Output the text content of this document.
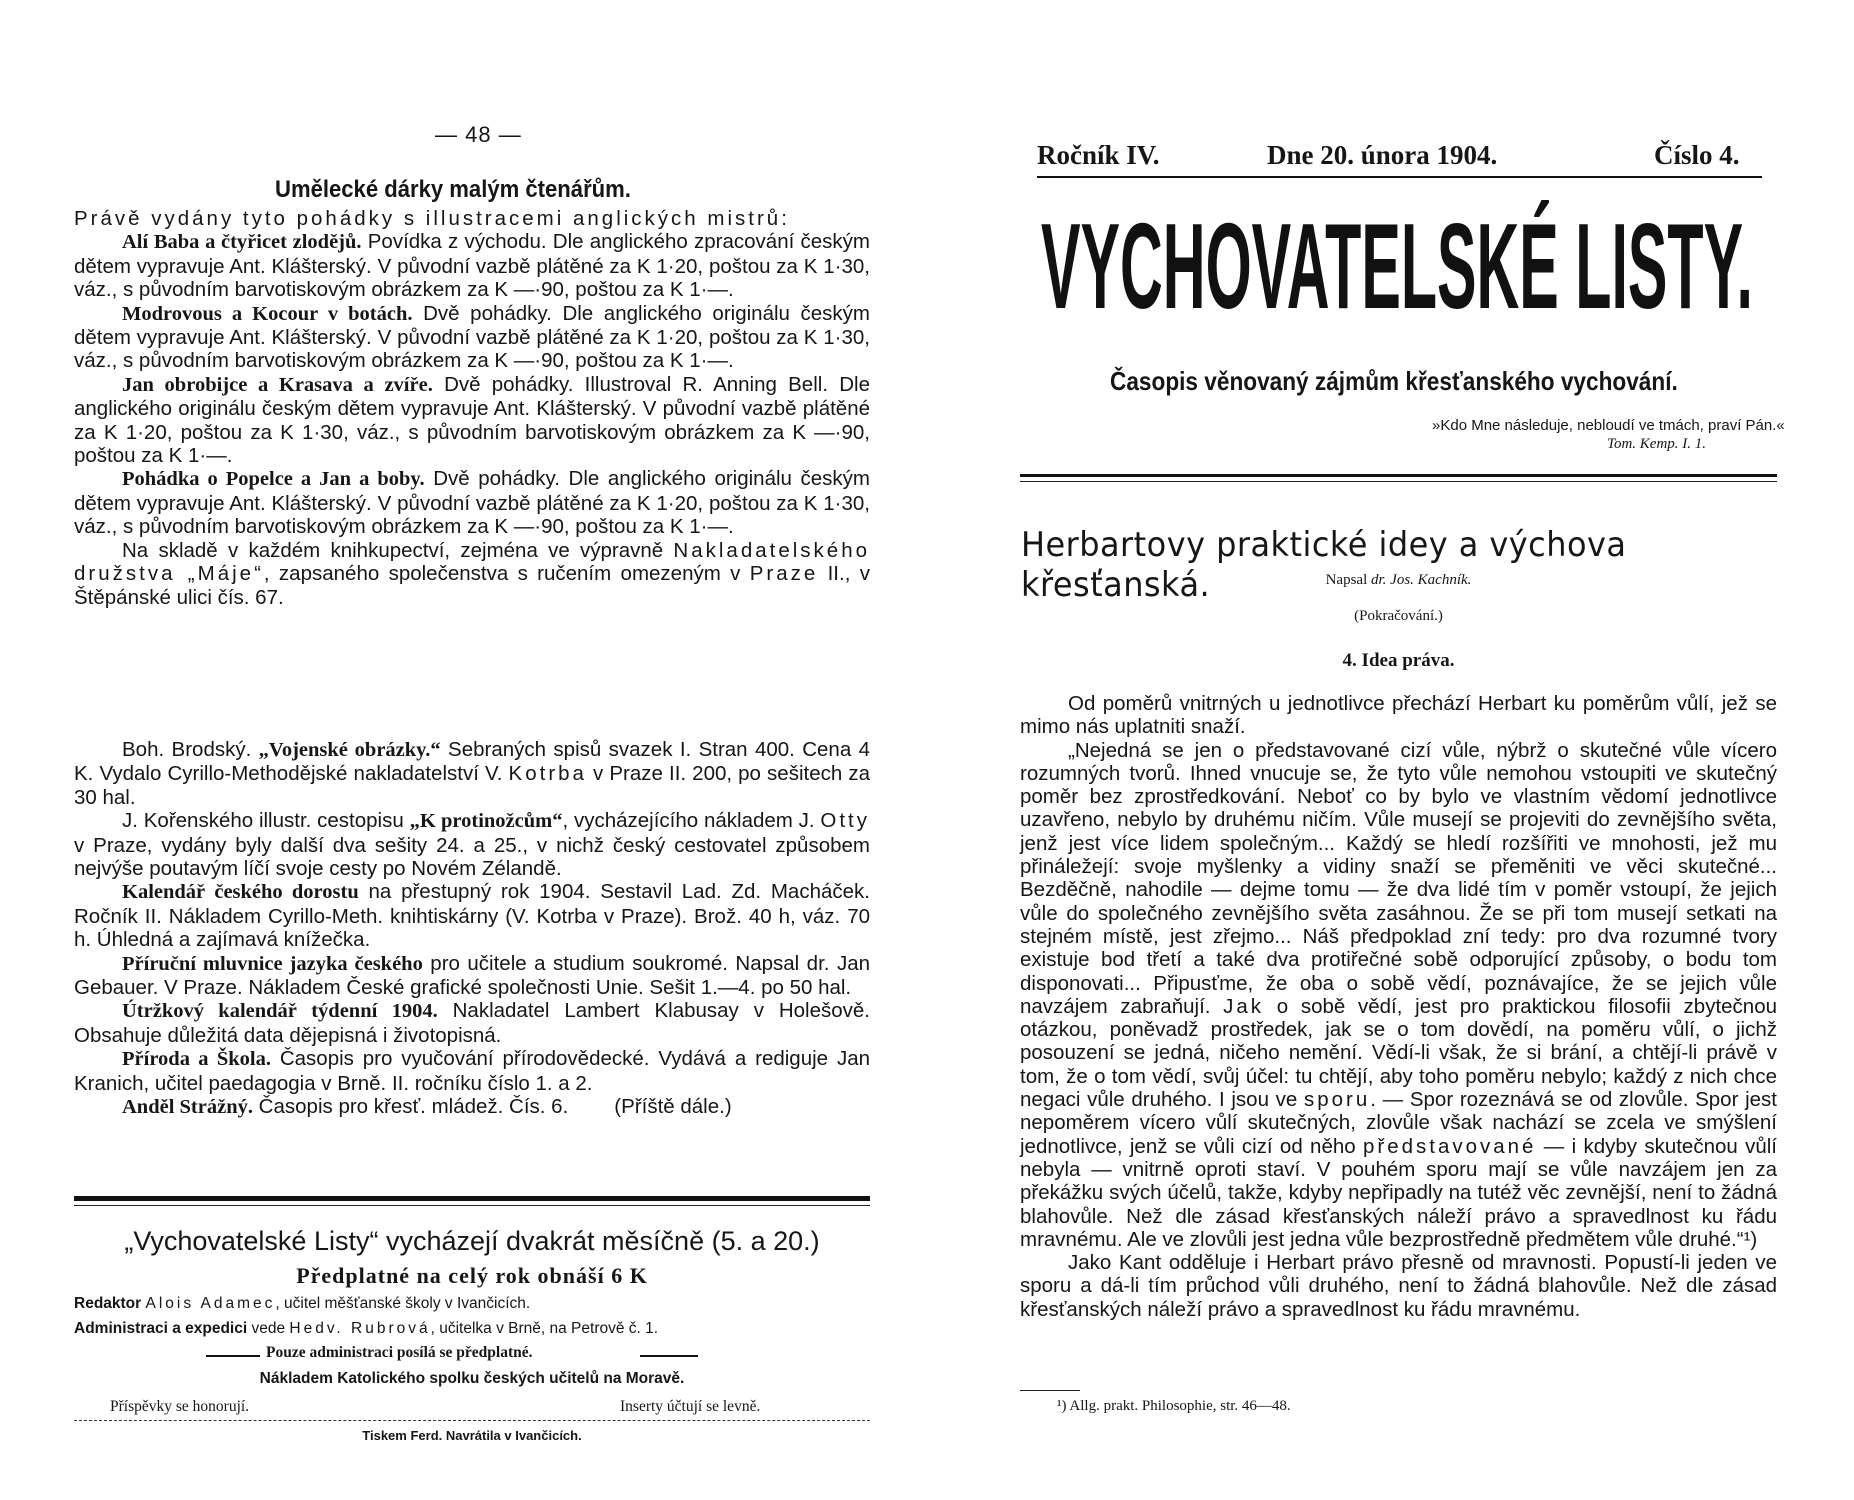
— 48 —
Umělecké dárky malým čtenářům.

Právě vydány tyto pohádky s illustracemi anglických mistrů:

Alí Baba a čtyřicet zlodějů. Povídka z východu. Dle anglického zpracování českým dětem vypravuje Ant. Klášterský. V původní vazbě plátěné za K 1·20, poštou za K 1·30, váz., s původním barvotiskovým obrázkem za K —·90, poštou za K 1·—.

Modrovous a Kocour v botách. Dvě pohádky. Dle anglického originálu českým dětem vypravuje Ant. Klášterský. V původní vazbě plátěné za K 1·20, poštou za K 1·30, váz., s původním barvotiskovým obrázkem za K —·90, poštou za K 1·—.

Jan obrobijce a Krasava a zvíře. Dvě pohádky. Illustroval R. Anning Bell. Dle anglického originálu českým dětem vypravuje Ant. Klášterský. V původní vazbě plátěné za K 1·20, poštou za K 1·30, váz., s původním barvotiskovým obrázkem za K —·90, poštou za K 1·—.

Pohádka o Popelce a Jan a boby. Dvě pohádky. Dle anglického originálu českým dětem vypravuje Ant. Klášterský. V původní vazbě plátěné za K 1·20, poštou za K 1·30, váz., s původním barvotiskovým obrázkem za K —·90, poštou za K 1·—.

Na skladě v každém knihkupectví, zejména ve výpravně Nakladatelského družstva „Máje“, zapsaného společenstva s ručením omezeným v Praze II., v Štěpánské ulici čís. 67.

Boh. Brodský. „Vojenské obrázky.“ Sebraných spisů svazek I. Stran 400. Cena 4 K. Vydalo Cyrillo-Methodějské nakladatelství V. Kotrba v Praze II. 200, po sešitech za 30 hal.

J. Kořenského illustr. cestopisu „K protinožcům“, vycházejícího nákladem J. Otty v Praze, vydány byly další dva sešity 24. a 25., v nichž český cestovatel způsobem nejvýše poutavým líčí svoje cesty po Novém Zélandě.

Kalendář českého dorostu na přestupný rok 1904. Sestavil Lad. Zd. Macháček. Ročník II. Nákladem Cyrillo-Meth. knihtiskárny (V. Kotrba v Praze). Brož. 40 h, váz. 70 h. Úhledná a zajímavá knížečka.

Příruční mluvnice jazyka českého pro učitele a studium soukromé. Napsal dr. Jan Gebauer. V Praze. Nákladem České grafické společnosti Unie. Sešit 1.—4. po 50 hal.

Útržkový kalendář týdenní 1904. Nakladatel Lambert Klabusay v Holešově. Obsahuje důležitá data dějepisná i životopisná.

Příroda a Škola. Časopis pro vyučování přírodovědecké. Vydává a rediguje Jan Kranich, učitel paedagogia v Brně. II. ročníku číslo 1. a 2.

Anděl Strážný. Časopis pro křesť. mládež. Čís. 6. (Příště dále.)

„Vychovatelské Listy“ vycházejí dvakrát měsíčně (5. a 20.)
Předplatné na celý rok obnáší 6 K
Redaktor Alois Adamec, učitel měšťanské školy v Ivančicích.
Administraci a expedici vede Hedv. Rubrová, učitelka v Brně, na Petrově č. 1.
Pouze administraci posílá se předplatné.
Nákladem Katolického spolku českých učitelů na Moravě.
Příspěvky se honorují.	Inserty účtují se levně.
Tiskem Ferd. Navrátila v Ivančicích.
Ročník IV.	Dne 20. února 1904.	Číslo 4.
VYCHOVATELSKÉ LISTY.
Časopis věnovaný zájmům křesťanského vychování.
»Kdo Mne následuje, nebloudí ve tmách, praví Pán.«
Tom. Kemp. I. 1.
Herbartovy praktické idey a výchova křesťanská.	Napsal dr. Jos. Kachník.
(Pokračování.)
4. Idea práva.

Od poměrů vnitrných u jednotlivce přechází Herbart ku poměrům vůlí, jež se mimo nás uplatniti snaží.

„Nejedná se jen o představované cizí vůle, nýbrž o skutečné vůle vícero rozumných tvorů. Ihned vnucuje se, že tyto vůle nemohou vstoupiti ve skutečný poměr bez zprostředkování. Neboť co by bylo ve vlastním vědomí jednotlivce uzavřeno, nebylo by druhému ničím. Vůle musejí se projeviti do zevnějšího světa, jenž jest více lidem společným... Každý se hledí rozšířiti ve mnohosti, jež mu přináležejí: svoje myšlenky a vidiny snaží se přeměniti ve věci skutečné... Bezděčně, nahodile — dejme tomu — že dva lidé tím v poměr vstoupí, že jejich vůle do společného zevnějšího světa zasáhnou. Že se při tom musejí setkati na stejném místě, jest zřejmo... Náš předpoklad zní tedy: pro dva rozumné tvory existuje bod třetí a také dva protiřečné sobě odporující způsoby, o bodu tom disponovati... Připusťme, že oba o sobě vědí, poznávajíce, že se jejich vůle navzájem zabraňují. Jak o sobě vědí, jest pro praktickou filosofii zbytečnou otázkou, poněvadž prostředek, jak se o tom dovědí, na poměru vůlí, o jichž posouzení se jedná, ničeho nemění. Vědí-li však, že si brání, a chtějí-li právě v tom, že o tom vědí, svůj účel: tu chtějí, aby toho poměru nebylo; každý z nich chce negaci vůle druhého. I jsou ve sporu. — Spor rozeznává se od zlovůle. Spor jest nepoměrem vícero vůlí skutečných, zlovůle však nachází se zcela ve smýšlení jednotlivce, jenž se vůli cizí od něho představované — i kdyby skutečnou vůlí nebyla — vnitrně oproti staví. V pouhém sporu mají se vůle navzájem jen za překážku svých účelů, takže, kdyby nepřipadly na tutéž věc zevnější, není to žádná blahovůle. Než dle zásad křesťanských náleží právo a spravedlnost ku řádu mravnému. Ale ve zlovůli jest jedna vůle bezprostředně předmětem vůle druhé.“¹)

Jako Kant odděluje i Herbart právo přesně od mravnosti. Popustí-li jeden ve sporu a dá-li tím průchod vůli druhého, není to žádná blahovůle. Než dle zásad křesťanských náleží právo a spravedlnost ku řádu mravnému.

¹) Allg. prakt. Philosophie, str. 46—48.
